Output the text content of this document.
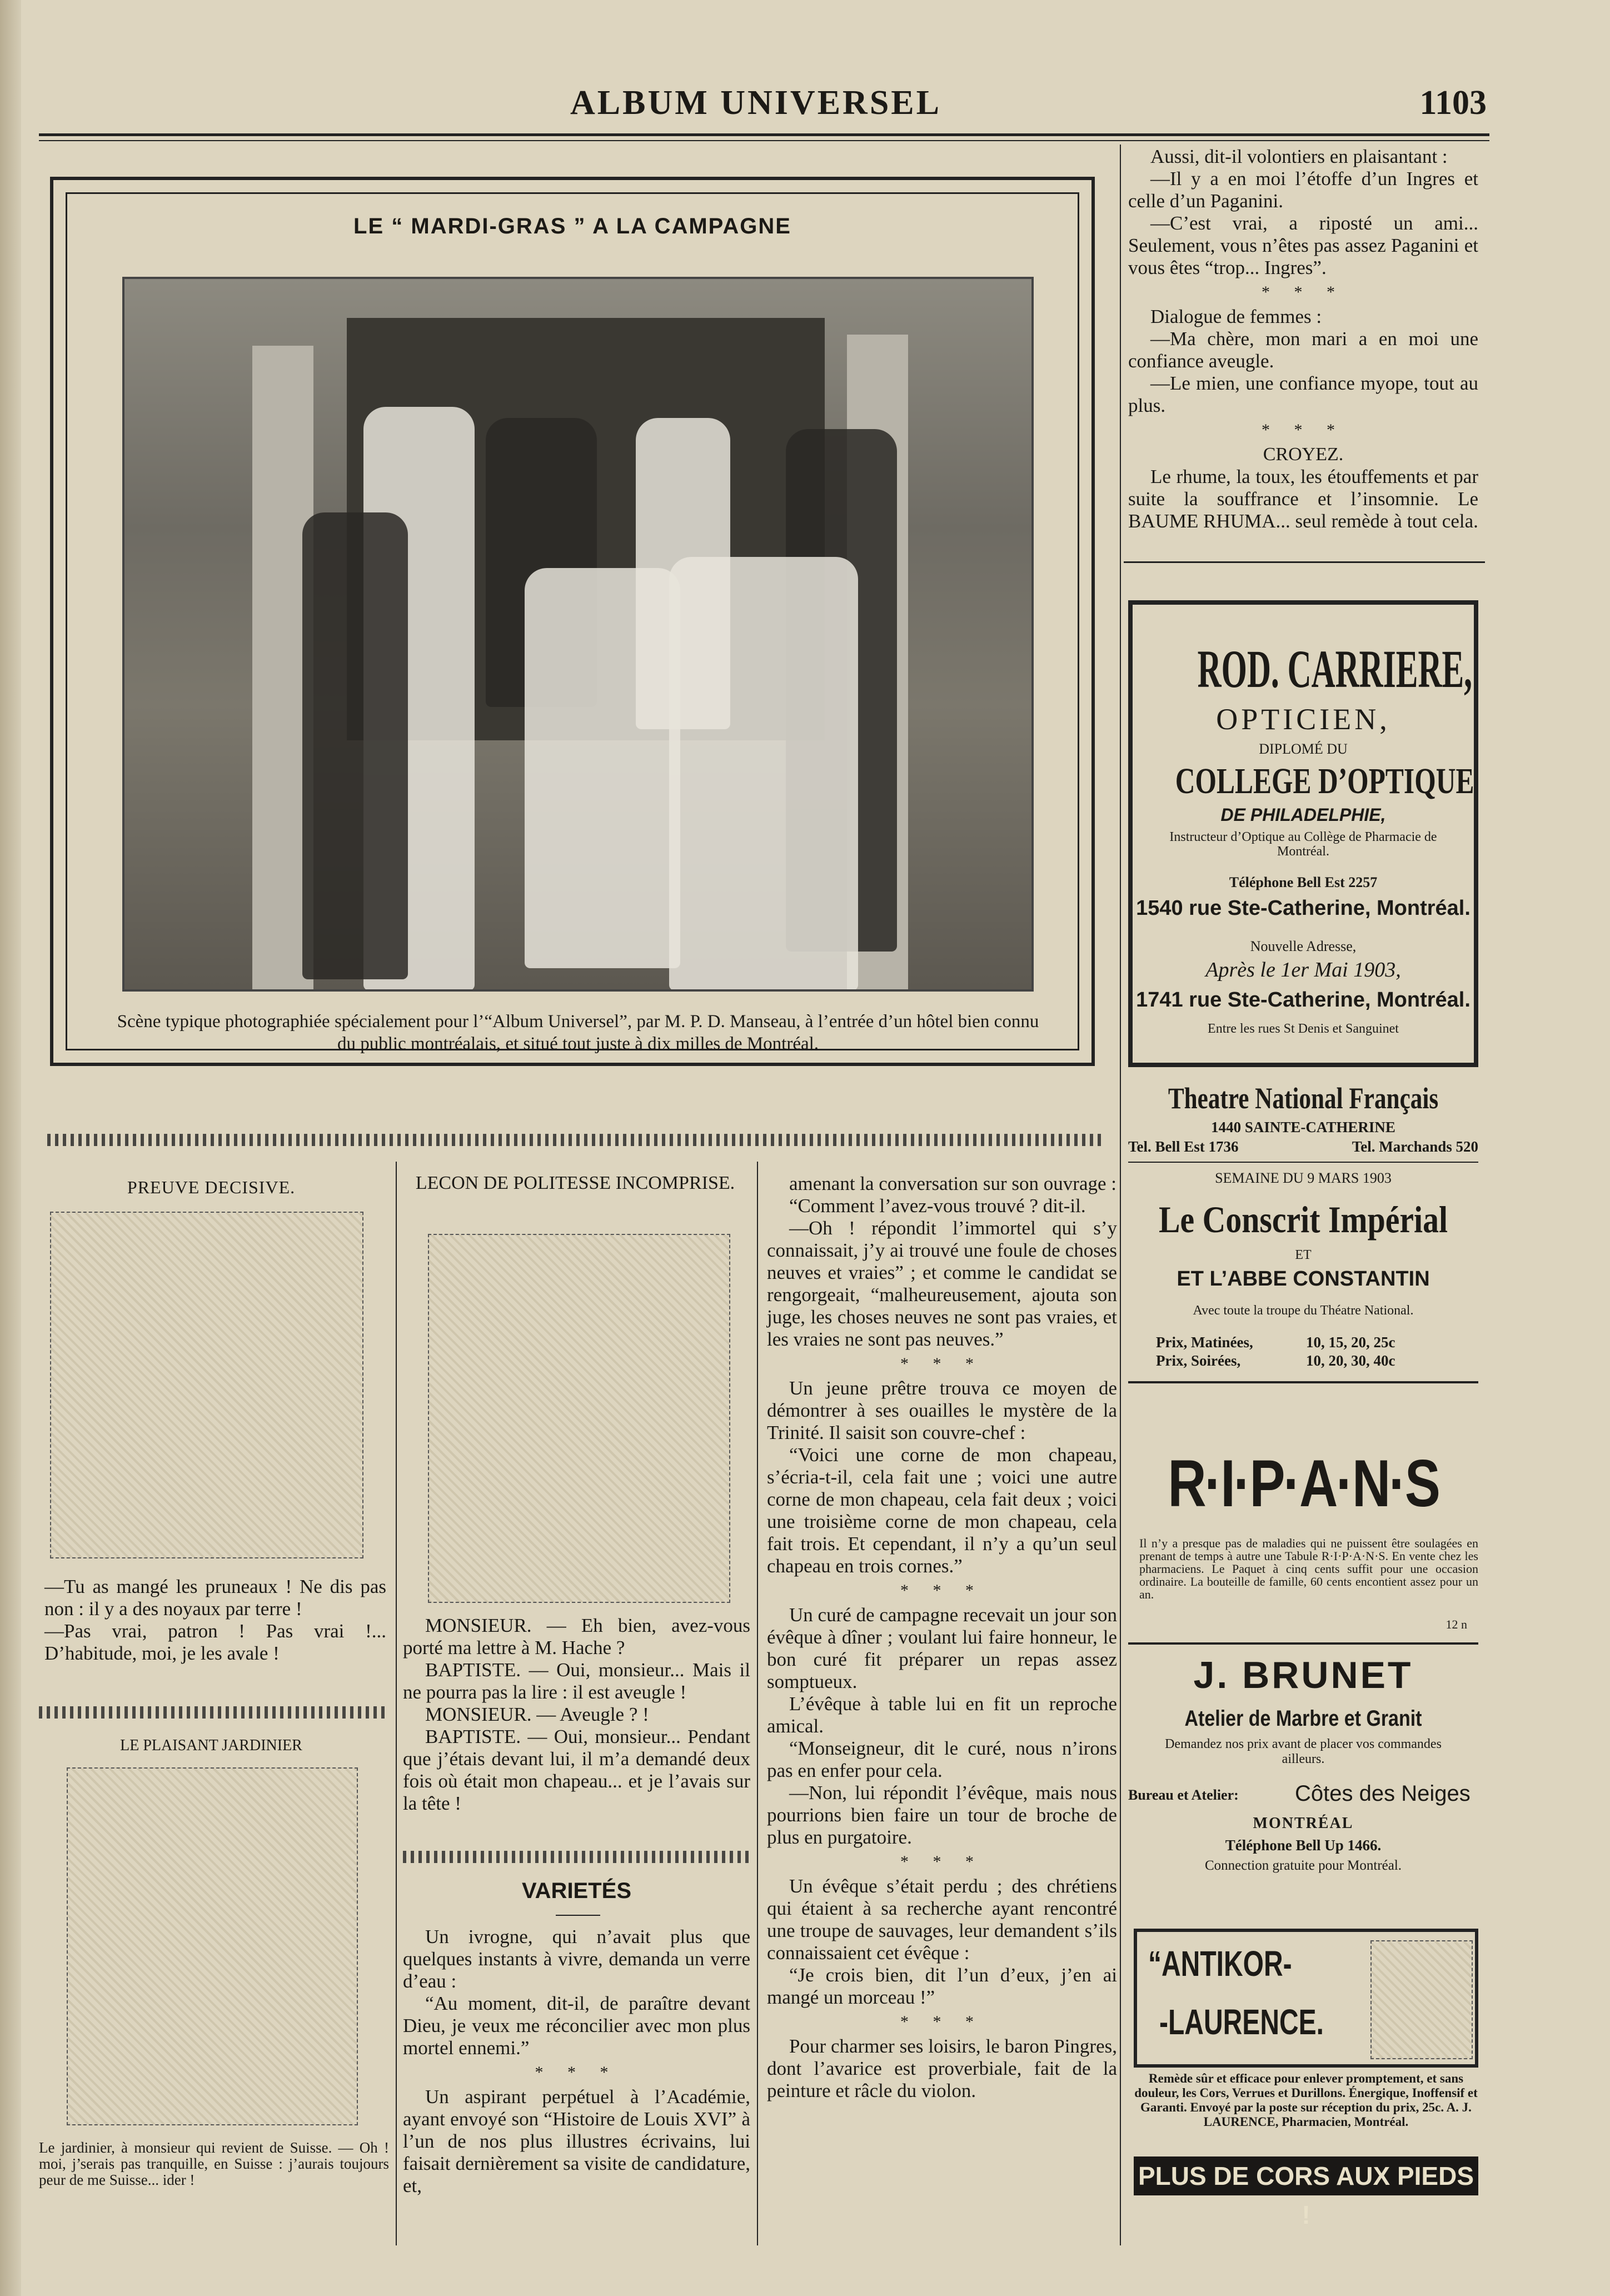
ALBUM UNIVERSEL	1103
LE “ MARDI-GRAS ” A LA CAMPAGNE
Scène typique photographiée spécialement pour l’“Album Universel”, par M. P. D. Manseau, à l’entrée d’un hôtel bien connu du public montréalais, et situé tout juste à dix milles de Montréal.

Aussi, dit-il volontiers en plaisantant :

—Il y a en moi l’étoffe d’un Ingres et celle d’un Paganini.

—C’est vrai, a riposté un ami... Seulement, vous n’êtes pas assez Paganini et vous êtes “trop... Ingres”.

* * *

Dialogue de femmes :

—Ma chère, mon mari a en moi une confiance aveugle.

—Le mien, une confiance myope, tout au plus.

* * *
CROYEZ.

Le rhume, la toux, les étouffements et par suite la souffrance et l’insomnie. Le BAUME RHUMA... seul remède à tout cela.

ROD. CARRIERE,
OPTICIEN,
DIPLOMÉ DU
COLLEGE D’OPTIQUE
DE PHILADELPHIE,
Instructeur d’Optique au Collège de Pharmacie de Montréal.
Téléphone Bell Est 2257
1540 rue Ste-Catherine, Montréal.
Nouvelle Adresse,
Après le 1er Mai 1903,
1741 rue Ste-Catherine, Montréal.
Entre les rues St Denis et Sanguinet
Theatre National Français
1440 SAINTE-CATHERINE
Tel. Bell Est 1736	Tel. Marchands 520
SEMAINE DU 9 MARS 1903
Le Conscrit Impérial
ET
ET L’ABBE CONSTANTIN
Avec toute la troupe du Théatre National.
Prix, Matinées,	10, 15, 20, 25c
Prix, Soirées,	10, 20, 30, 40c
R·I·P·A·N·S
Il n’y a presque pas de maladies qui ne puissent être soulagées en prenant de temps à autre une Tabule R·I·P·A·N·S. En vente chez les pharmaciens. Le Paquet à cinq cents suffit pour une occasion ordinaire. La bouteille de famille, 60 cents encontient assez pour un an.
12 n
J. BRUNET
Atelier de Marbre et Granit
Demandez nos prix avant de placer vos commandes ailleurs.
Bureau et Atelier:	Côtes des Neiges
MONTRÉAL
Téléphone Bell Up 1466.
Connection gratuite pour Montréal.
“ANTIKOR-
-LAURENCE.
Remède sûr et efficace pour enlever promptement, et sans douleur, les Cors, Verrues et Durillons. Énergique, Inoffensif et Garanti. Envoyé par la poste sur réception du prix, 25c. A. J. LAURENCE, Pharmacien, Montréal.
PLUS DE CORS AUX PIEDS !
PREUVE DECISIVE.
—Tu as mangé les pruneaux ! Ne dis pas non : il y a des noyaux par terre !
—Pas vrai, patron ! Pas vrai !... D’habitude, moi, je les avale !
LE PLAISANT JARDINIER
Le jardinier, à monsieur qui revient de Suisse. — Oh ! moi, j’serais pas tranquille, en Suisse : j’aurais toujours peur de me Suisse... ider !
LECON DE POLITESSE INCOMPRISE.

MONSIEUR. — Eh bien, avez-vous porté ma lettre à M. Hache ?

BAPTISTE. — Oui, monsieur... Mais il ne pourra pas la lire : il est aveugle !

MONSIEUR. — Aveugle ? !

BAPTISTE. — Oui, monsieur... Pendant que j’étais devant lui, il m’a demandé deux fois où était mon chapeau... et je l’avais sur la tête !

VARIETÉS

Un ivrogne, qui n’avait plus que quelques instants à vivre, demanda un verre d’eau :

“Au moment, dit-il, de paraître devant Dieu, je veux me réconcilier avec mon plus mortel ennemi.”

* * *

Un aspirant perpétuel à l’Académie, ayant envoyé son “Histoire de Louis XVI” à l’un de nos plus illustres écrivains, lui faisait dernièrement sa visite de candidature, et,

amenant la conversation sur son ouvrage :

“Comment l’avez-vous trouvé ? dit-il.

—Oh ! répondit l’immortel qui s’y connaissait, j’y ai trouvé une foule de choses neuves et vraies” ; et comme le candidat se rengorgeait, “malheureusement, ajouta son juge, les choses neuves ne sont pas vraies, et les vraies ne sont pas neuves.”

* * *

Un jeune prêtre trouva ce moyen de démontrer à ses ouailles le mystère de la Trinité. Il saisit son couvre-chef :

“Voici une corne de mon chapeau, s’écria-t-il, cela fait une ; voici une autre corne de mon chapeau, cela fait deux ; voici une troisième corne de mon chapeau, cela fait trois. Et cependant, il n’y a qu’un seul chapeau en trois cornes.”

* * *

Un curé de campagne recevait un jour son évêque à dîner ; voulant lui faire honneur, le bon curé fit préparer un repas assez somptueux.

L’évêque à table lui en fit un reproche amical.

“Monseigneur, dit le curé, nous n’irons pas en enfer pour cela.

—Non, lui répondit l’évêque, mais nous pourrions bien faire un tour de broche de plus en purgatoire.

* * *

Un évêque s’était perdu ; des chrétiens qui étaient à sa recherche ayant rencontré une troupe de sauvages, leur demandent s’ils connaissaient cet évêque :

“Je crois bien, dit l’un d’eux, j’en ai mangé un morceau !”

* * *

Pour charmer ses loisirs, le baron Pingres, dont l’avarice est proverbiale, fait de la peinture et râcle du violon.
